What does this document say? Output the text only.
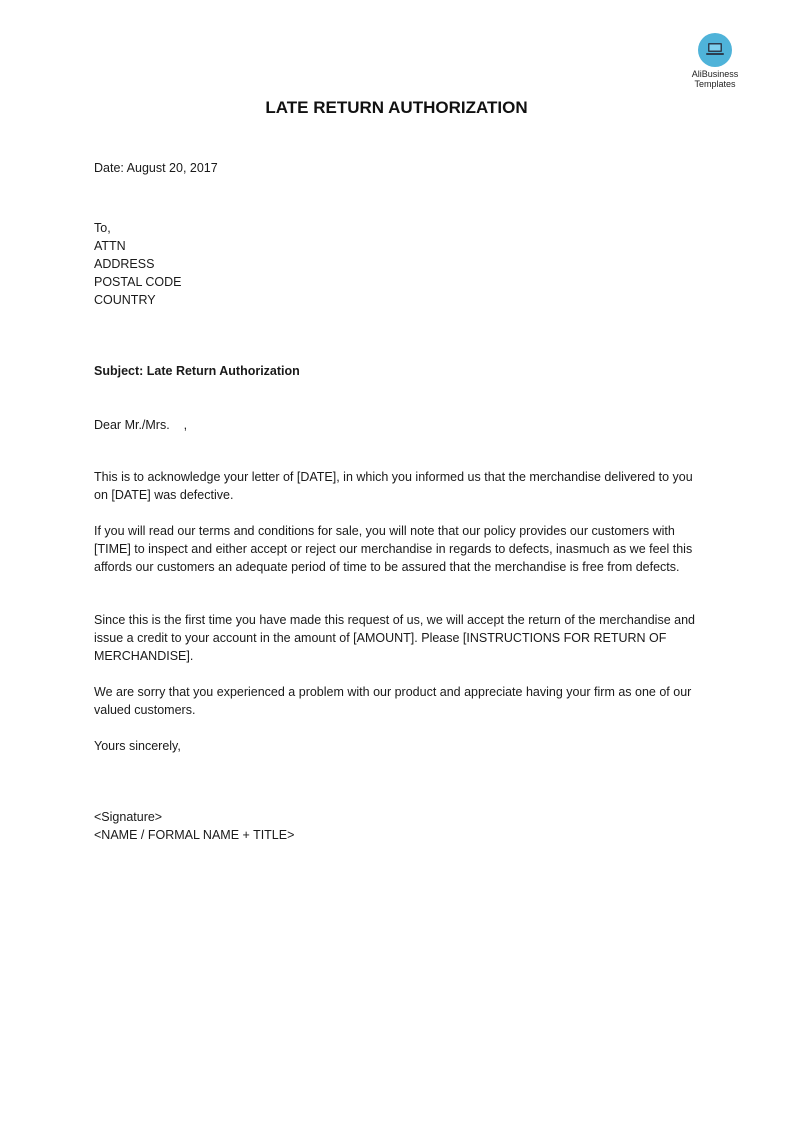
AliBusiness
Templates
LATE RETURN AUTHORIZATION
Date: August 20, 2017
To,
ATTN
ADDRESS
POSTAL CODE
COUNTRY
Subject: Late Return Authorization
Dear Mr./Mrs.    ,

This is to acknowledge your letter of [DATE], in which you informed us that the merchandise delivered to you on [DATE] was defective.

If you will read our terms and conditions for sale, you will note that our policy provides our customers with [TIME] to inspect and either accept or reject our merchandise in regards to defects, inasmuch as we feel this affords our customers an adequate period of time to be assured that the merchandise is free from defects.

Since this is the first time you have made this request of us, we will accept the return of the merchandise and issue a credit to your account in the amount of [AMOUNT]. Please [INSTRUCTIONS FOR RETURN OF MERCHANDISE].

We are sorry that you experienced a problem with our product and appreciate having your firm as one of our valued customers.

Yours sincerely,
<Signature>
<NAME / FORMAL NAME + TITLE>
